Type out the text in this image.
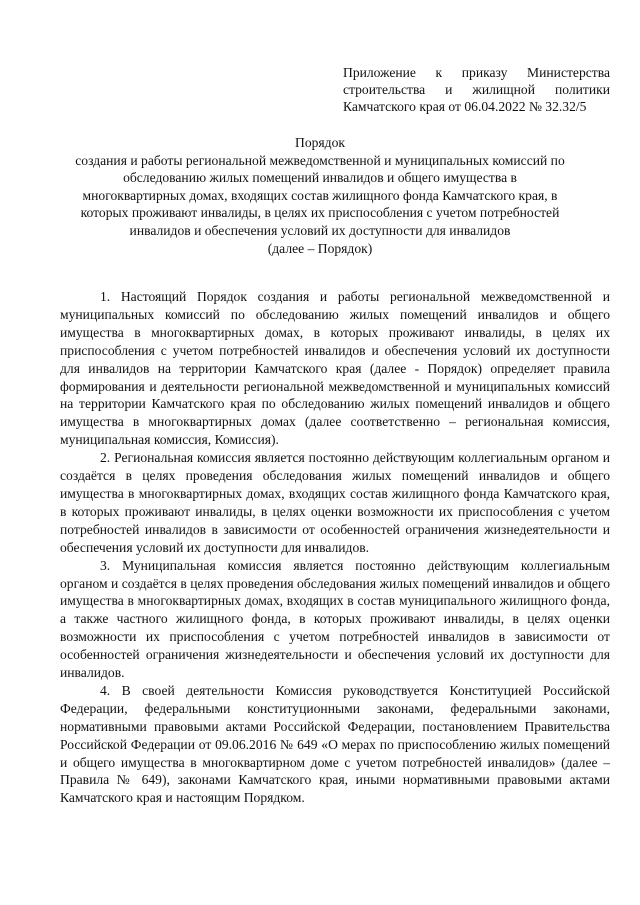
Приложение к приказу Министерства
строительства и жилищной политики
Камчатского края от 06.04.2022 № 32.32/5
Порядок
создания и работы региональной межведомственной и муниципальных комиссий по
обследованию жилых помещений инвалидов и общего имущества в
многоквартирных домах, входящих состав жилищного фонда Камчатского края, в
которых проживают инвалиды, в целях их приспособления с учетом потребностей
инвалидов и обеспечения условий их доступности для инвалидов
(далее – Порядок)

1. Настоящий Порядок создания и работы региональной межведомственной и муниципальных комиссий по обследованию жилых помещений инвалидов и общего имущества в многоквартирных домах, в которых проживают инвалиды, в целях их приспособления с учетом потребностей инвалидов и обеспечения условий их доступности для инвалидов на территории Камчатского края (далее - Порядок) определяет правила формирования и деятельности региональной межведомственной и муниципальных комиссий на территории Камчатского края по обследованию жилых помещений инвалидов и общего имущества в многоквартирных домах (далее соответственно – региональная комиссия, муниципальная комиссия, Комиссия).

2. Региональная комиссия является постоянно действующим коллегиальным органом и создаётся в целях проведения обследования жилых помещений инвалидов и общего имущества в многоквартирных домах, входящих состав жилищного фонда Камчатского края, в которых проживают инвалиды, в целях оценки возможности их приспособления с учетом потребностей инвалидов в зависимости от особенностей ограничения жизнедеятельности и обеспечения условий их доступности для инвалидов.

3. Муниципальная комиссия является постоянно действующим коллегиальным органом и создаётся в целях проведения обследования жилых помещений инвалидов и общего имущества в многоквартирных домах, входящих в состав муниципального жилищного фонда, а также частного жилищного фонда, в которых проживают инвалиды, в целях оценки возможности их приспособления с учетом потребностей инвалидов в зависимости от особенностей ограничения жизнедеятельности и обеспечения условий их доступности для инвалидов.

4. В своей деятельности Комиссия руководствуется Конституцией Российской Федерации, федеральными конституционными законами, федеральными законами, нормативными правовыми актами Российской Федерации, постановлением Правительства Российской Федерации от 09.06.2016 № 649 «О мерах по приспособлению жилых помещений и общего имущества в многоквартирном доме с учетом потребностей инвалидов» (далее – Правила № 649), законами Камчатского края, иными нормативными правовыми актами Камчатского края и настоящим Порядком.
